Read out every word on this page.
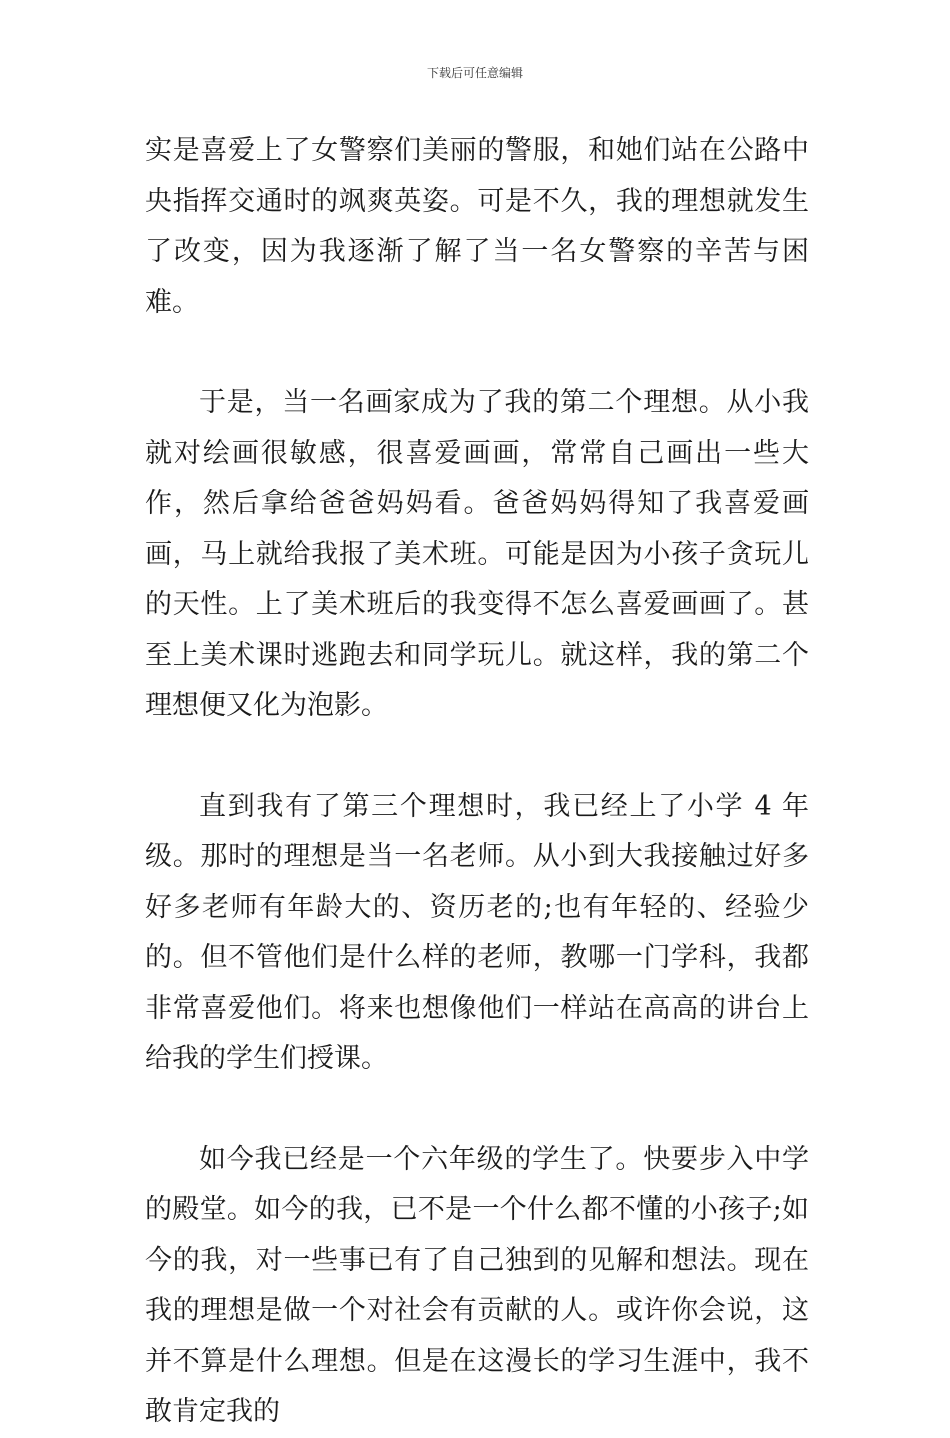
下载后可任意编辑

实是喜爱上了女警察们美丽的警服，和她们站在公路中央指挥交通时的飒爽英姿。可是不久，我的理想就发生了改变，因为我逐渐了解了当一名女警察的辛苦与困难。

于是，当一名画家成为了我的第二个理想。从小我就对绘画很敏感，很喜爱画画，常常自己画出一些大作，然后拿给爸爸妈妈看。爸爸妈妈得知了我喜爱画画，马上就给我报了美术班。可能是因为小孩子贪玩儿的天性。上了美术班后的我变得不怎么喜爱画画了。甚至上美术课时逃跑去和同学玩儿。就这样，我的第二个理想便又化为泡影。

直到我有了第三个理想时，我已经上了小学 4 年级。那时的理想是当一名老师。从小到大我接触过好多好多老师有年龄大的、资历老的;也有年轻的、经验少的。但不管他们是什么样的老师，教哪一门学科，我都非常喜爱他们。将来也想像他们一样站在高高的讲台上给我的学生们授课。

如今我已经是一个六年级的学生了。快要步入中学的殿堂。如今的我，已不是一个什么都不懂的小孩子;如今的我，对一些事已有了自己独到的见解和想法。现在我的理想是做一个对社会有贡献的人。或许你会说，这并不算是什么理想。但是在这漫长的学习生涯中，我不敢肯定我的
